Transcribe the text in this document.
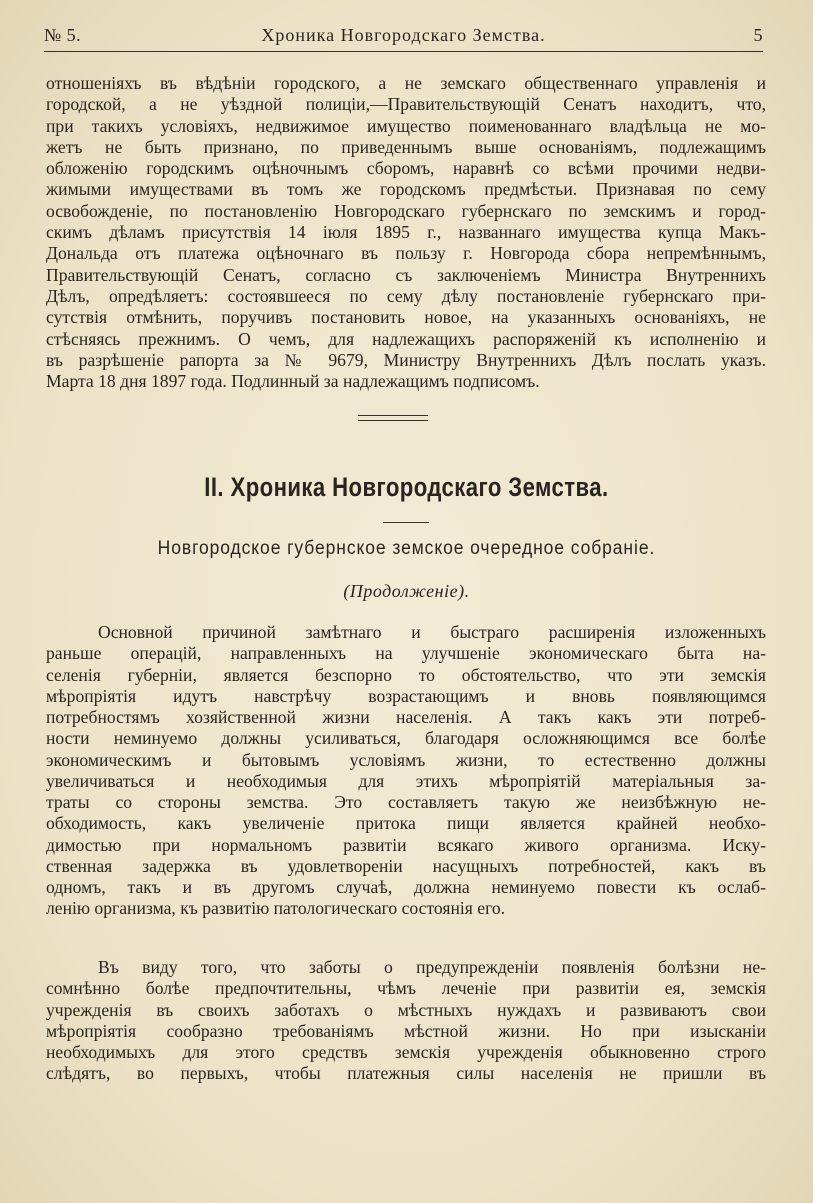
№ 5.	Хроника Новгородскаго Земства.	5
отношеніяхъ въ вѣдѣніи городского, а не земскаго общественнаго управленія и
городской, а не уѣздной полиціи,—Правительствующій Сенатъ находитъ, что,
при такихъ условіяхъ, недвижимое имущество поименованнаго владѣльца не мо-
жетъ не быть признано, по приведеннымъ выше основаніямъ, подлежащимъ
обложенію городскимъ оцѣночнымъ сборомъ, наравнѣ со всѣми прочими недви-
жимыми имуществами въ томъ же городскомъ предмѣстьи. Признавая по сему
освобожденіе, по постановленію Новгородскаго губернскаго по земскимъ и город-
скимъ дѣламъ присутствія 14 іюля 1895 г., названнаго имущества купца Макъ-
Дональда отъ платежа оцѣночнаго въ пользу г. Новгорода сбора непремѣннымъ,
Правительствующій Сенатъ, согласно съ заключеніемъ Министра Внутреннихъ
Дѣлъ, опредѣляетъ: состоявшееся по сему дѣлу постановленіе губернскаго при-
сутствія отмѣнить, поручивъ постановить новое, на указанныхъ основаніяхъ, не
стѣсняясь прежнимъ. О чемъ, для надлежащихъ распоряженій къ исполненію и
въ разрѣшеніе рапорта за № 9679, Министру Внутреннихъ Дѣлъ послать указъ.
Марта 18 дня 1897 года. Подлинный за надлежащимъ подписомъ.
II. Хроника Новгородскаго Земства.
Новгородское губернское земское очередное собраніе.
(Продолженіе).
Основной причиной замѣтнаго и быстраго расширенія изложенныхъ
раньше операцій, направленныхъ на улучшеніе экономическаго быта на-
селенія губерніи, является безспорно то обстоятельство, что эти земскія
мѣропріятія идутъ навстрѣчу возрастающимъ и вновь появляющимся
потребностямъ хозяйственной жизни населенія. А такъ какъ эти потреб-
ности неминуемо должны усиливаться, благодаря осложняющимся все болѣе
экономическимъ и бытовымъ условіямъ жизни, то естественно должны
увеличиваться и необходимыя для этихъ мѣропріятій матеріальныя за-
траты со стороны земства. Это составляетъ такую же неизбѣжную не-
обходимость, какъ увеличеніе притока пищи является крайней необхо-
димостью при нормальномъ развитіи всякаго живого организма. Иску-
ственная задержка въ удовлетвореніи насущныхъ потребностей, какъ въ
одномъ, такъ и въ другомъ случаѣ, должна неминуемо повести къ ослаб-
ленію организма, къ развитію патологическаго состоянія его.
Въ виду того, что заботы о предупрежденіи появленія болѣзни не-
сомнѣнно болѣе предпочтительны, чѣмъ леченіе при развитіи ея, земскія
учрежденія въ своихъ заботахъ о мѣстныхъ нуждахъ и развиваютъ свои
мѣропріятія сообразно требованіямъ мѣстной жизни. Но при изысканіи
необходимыхъ для этого средствъ земскія учрежденія обыкновенно строго
слѣдятъ, во первыхъ, чтобы платежныя силы населенія не пришли въ
